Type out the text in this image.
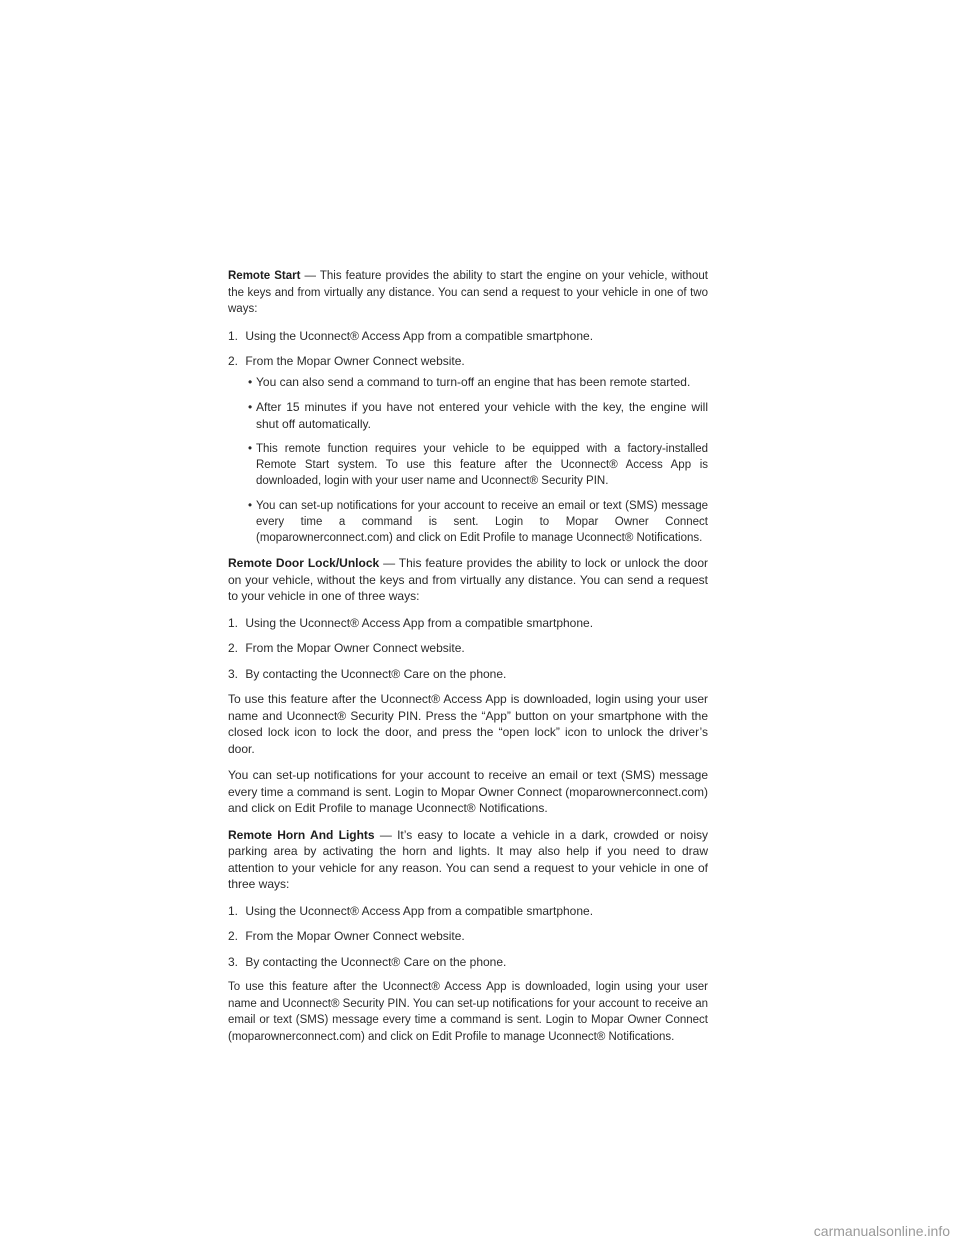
Remote Start — This feature provides the ability to start the engine on your vehicle, without the keys and from virtually any distance. You can send a request to your vehicle in one of two ways:

1. Using the Uconnect® Access App from a compatible smartphone.
2. From the Mopar Owner Connect website.
• You can also send a command to turn-off an engine that has been remote started.
• After 15 minutes if you have not entered your vehicle with the key, the engine will shut off automatically.
• This remote function requires your vehicle to be equipped with a factory-installed Remote Start system. To use this feature after the Uconnect® Access App is downloaded, login with your user name and Uconnect® Security PIN.
• You can set-up notifications for your account to receive an email or text (SMS) message every time a command is sent. Login to Mopar Owner Connect (moparownerconnect.com) and click on Edit Profile to manage Uconnect® Notifications.

Remote Door Lock/Unlock — This feature provides the ability to lock or unlock the door on your vehicle, without the keys and from virtually any distance. You can send a request to your vehicle in one of three ways:

1. Using the Uconnect® Access App from a compatible smartphone.
2. From the Mopar Owner Connect website.
3. By contacting the Uconnect® Care on the phone.

To use this feature after the Uconnect® Access App is downloaded, login using your user name and Uconnect® Security PIN. Press the “App” button on your smartphone with the closed lock icon to lock the door, and press the “open lock” icon to unlock the driver’s door.

You can set-up notifications for your account to receive an email or text (SMS) message every time a command is sent. Login to Mopar Owner Connect (moparownerconnect.com) and click on Edit Profile to manage Uconnect® Notifications.

Remote Horn And Lights — It’s easy to locate a vehicle in a dark, crowded or noisy parking area by activating the horn and lights. It may also help if you need to draw attention to your vehicle for any reason. You can send a request to your vehicle in one of three ways:

1. Using the Uconnect® Access App from a compatible smartphone.
2. From the Mopar Owner Connect website.
3. By contacting the Uconnect® Care on the phone.

To use this feature after the Uconnect® Access App is downloaded, login using your user name and Uconnect® Security PIN. You can set-up notifications for your account to receive an email or text (SMS) message every time a command is sent. Login to Mopar Owner Connect (moparownerconnect.com) and click on Edit Profile to manage Uconnect® Notifications.

carmanualsonline.info
